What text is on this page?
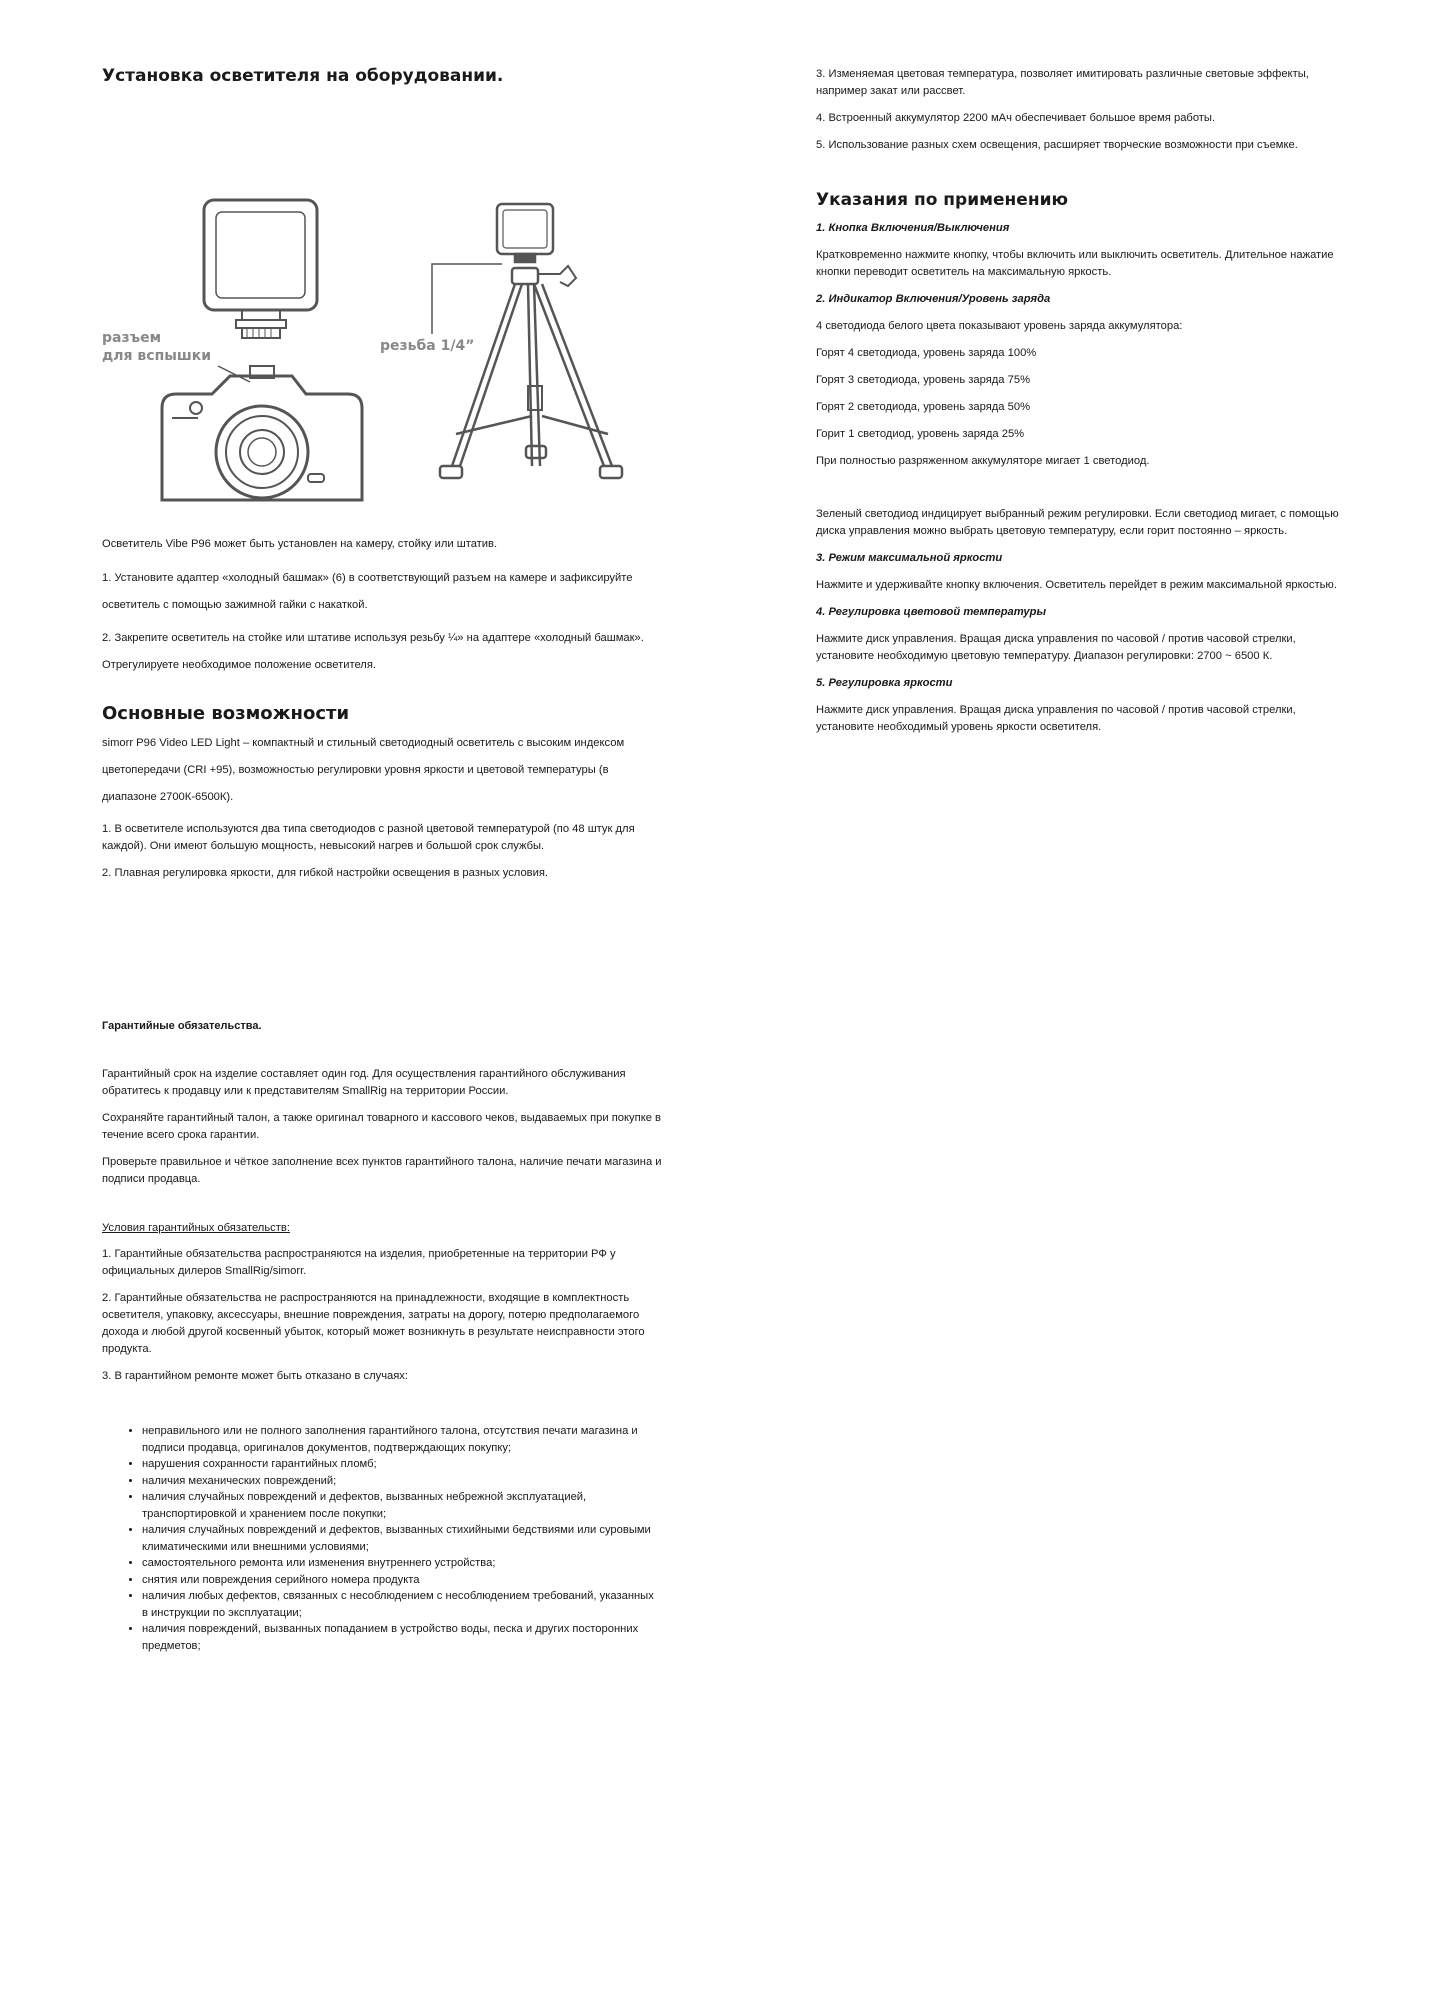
Установка осветителя на оборудовании.
разъем
для вспышки
резьба 1/4”

Осветитель Vibe P96 может быть установлен на камеру, стойку или штатив.

1. Установите адаптер «холодный башмак» (6) в соответствующий разъем на камере и зафиксируйте осветитель с помощью зажимной гайки с накаткой.

2. Закрепите осветитель на стойке или штативе используя резьбу ¼» на адаптере «холодный башмак». Отрегулируете необходимое положение осветителя.

Основные возможности

simorr P96 Video LED Light – компактный и стильный светодиодный осветитель с высоким индексом цветопередачи (CRI +95), возможностью регулировки уровня яркости и цветовой температуры (в диапазоне 2700К-6500К).

1. В осветителе используются два типа светодиодов с разной цветовой температурой (по 48 штук для каждой). Они имеют большую мощность, невысокий нагрев и большой срок службы.

2. Плавная регулировка яркости, для гибкой настройки освещения в разных условия.

Гарантийные обязательства.

Гарантийный срок на изделие составляет один год. Для осуществления гарантийного обслуживания обратитесь к продавцу или к представителям SmallRig на территории России.

Сохраняйте гарантийный талон, а также оригинал товарного и кассового чеков, выдаваемых при покупке в течение всего срока гарантии.

Проверьте правильное и чёткое заполнение всех пунктов гарантийного талона, наличие печати магазина и подписи продавца.

Условия гарантийных обязательств:

1. Гарантийные обязательства распространяются на изделия, приобретенные на территории РФ у официальных дилеров SmallRig/simorr.

2. Гарантийные обязательства не распространяются на принадлежности, входящие в комплектность осветителя, упаковку, аксессуары, внешние повреждения, затраты на дорогу, потерю предполагаемого дохода и любой другой косвенный убыток, который может возникнуть в результате неисправности этого продукта.

3. В гарантийном ремонте может быть отказано в случаях:

• неправильного или не полного заполнения гарантийного талона, отсутствия печати магазина и подписи продавца, оригиналов документов, подтверждающих покупку;
• нарушения сохранности гарантийных пломб;
• наличия механических повреждений;
• наличия случайных повреждений и дефектов, вызванных небрежной эксплуатацией, транспортировкой и хранением после покупки;
• наличия случайных повреждений и дефектов, вызванных стихийными бедствиями или суровыми климатическими или внешними условиями;
• самостоятельного ремонта или изменения внутреннего устройства;
• снятия или повреждения серийного номера продукта
• наличия любых дефектов, связанных с несоблюдением с несоблюдением требований, указанных в инструкции по эксплуатации;
• наличия повреждений, вызванных попаданием в устройство воды, песка и других посторонних предметов;

3. Изменяемая цветовая температура, позволяет имитировать различные световые эффекты, например закат или рассвет.

4. Встроенный аккумулятор 2200 мАч обеспечивает большое время работы.

5. Использование разных схем освещения, расширяет творческие возможности при съемке.

Указания по применению

1. Кнопка Включения/Выключения

Кратковременно нажмите кнопку, чтобы включить или выключить осветитель. Длительное нажатие кнопки переводит осветитель на максимальную яркость.

2. Индикатор Включения/Уровень заряда

4 светодиода белого цвета показывают уровень заряда аккумулятора:

Горят 4 светодиода, уровень заряда 100%

Горят 3 светодиода, уровень заряда 75%

Горят 2 светодиода, уровень заряда 50%

Горит 1 светодиод, уровень заряда 25%

При полностью разряженном аккумуляторе мигает 1 светодиод.

Зеленый светодиод индицирует выбранный режим регулировки. Если светодиод мигает, с помощью диска управления можно выбрать цветовую температуру, если горит постоянно – яркость.

3. Режим максимальной яркости

Нажмите и удерживайте кнопку включения. Осветитель перейдет в режим максимальной яркостью.

4. Регулировка цветовой температуры

Нажмите диск управления. Вращая диска управления по часовой / против часовой стрелки, установите необходимую цветовую температуру. Диапазон регулировки: 2700 ~ 6500 К.

5. Регулировка яркости

Нажмите диск управления. Вращая диска управления по часовой / против часовой стрелки, установите необходимый уровень яркости осветителя.
